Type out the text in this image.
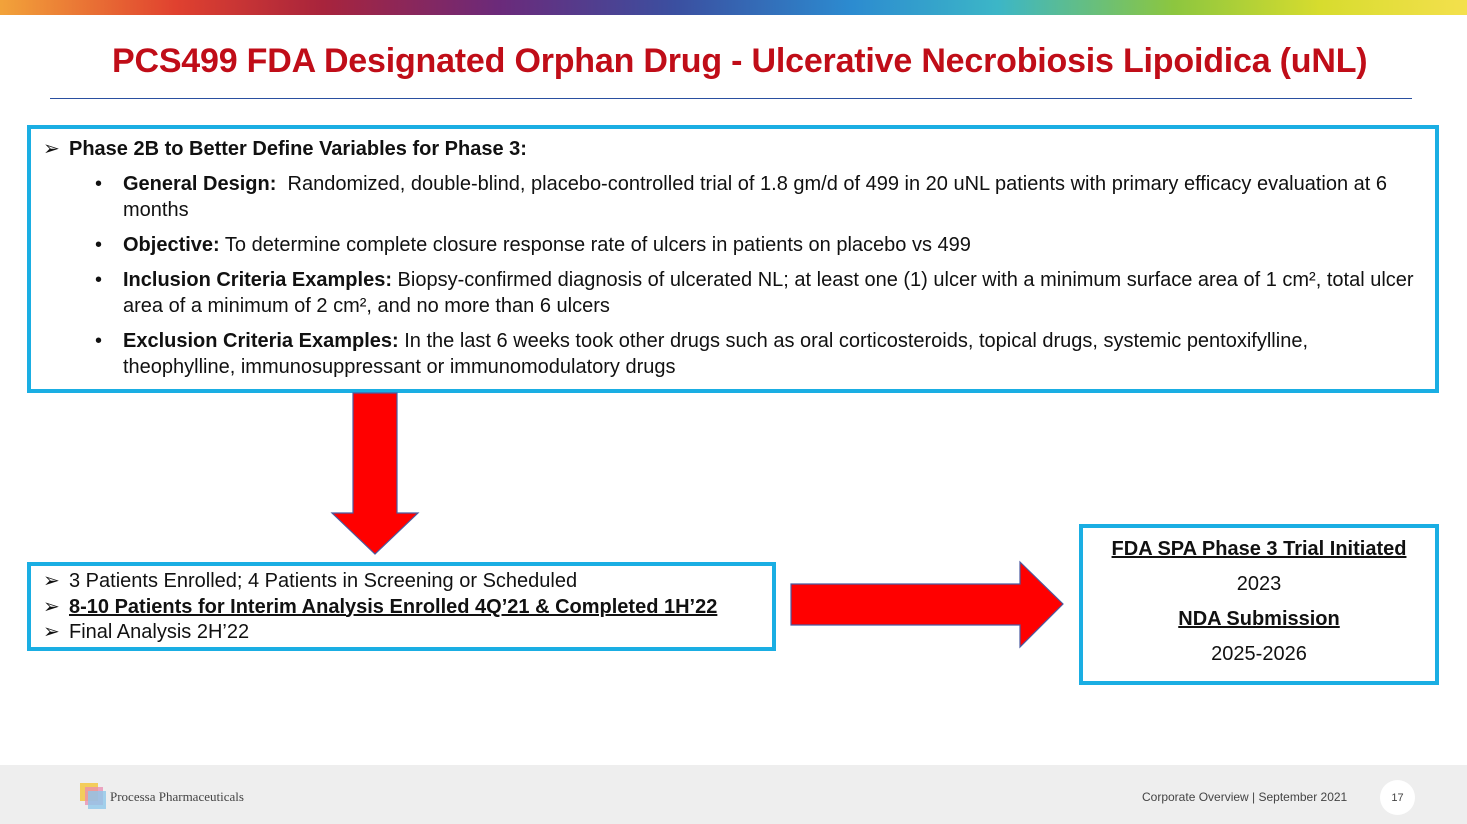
PCS499 FDA Designated Orphan Drug - Ulcerative Necrobiosis Lipoidica (uNL)
➢ Phase 2B to Better Define Variables for Phase 3:
• General Design: Randomized, double-blind, placebo-controlled trial of 1.8 gm/d of 499 in 20 uNL patients with primary efficacy evaluation at 6 months
• Objective: To determine complete closure response rate of ulcers in patients on placebo vs 499
• Inclusion Criteria Examples: Biopsy-confirmed diagnosis of ulcerated NL; at least one (1) ulcer with a minimum surface area of 1 cm², total ulcer area of a minimum of 2 cm², and no more than 6 ulcers
• Exclusion Criteria Examples: In the last 6 weeks took other drugs such as oral corticosteroids, topical drugs, systemic pentoxifylline, theophylline, immunosuppressant or immunomodulatory drugs
➢ 3 Patients Enrolled; 4 Patients in Screening or Scheduled
➢ 8-10 Patients for Interim Analysis Enrolled 4Q’21 & Completed 1H’22
➢ Final Analysis 2H’22
FDA SPA Phase 3 Trial Initiated
2023
NDA Submission
2025-2026
Processa Pharmaceuticals	Corporate Overview | September 2021	17
